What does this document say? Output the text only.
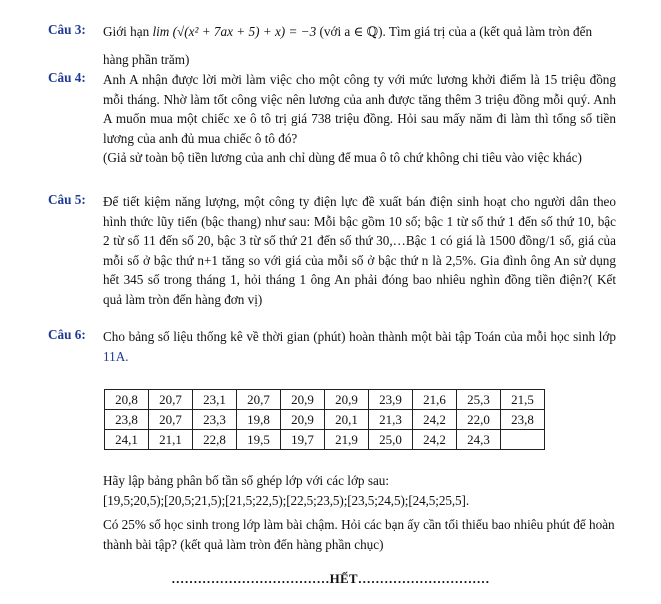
Câu 3: Giới hạn lim (√(x² + 7ax + 5) + x) = −3 (với a ∈ ℚ). Tìm giá trị của a (kết quả làm tròn đến

hàng phần trăm)

Câu 4: Anh A nhận được lời mời làm việc cho một công ty với mức lương khởi điểm là 15 triệu đồng mỗi tháng. Nhờ làm tốt công việc nên lương của anh được tăng thêm 3 triệu đồng mỗi quý. Anh A muốn mua một chiếc xe ô tô trị giá 738 triệu đồng. Hỏi sau mấy năm đi làm thì tổng số tiền lương của anh đủ mua chiếc ô tô đó?

(Giả sử toàn bộ tiền lương của anh chỉ dùng để mua ô tô chứ không chi tiêu vào việc khác)

Câu 5: Để tiết kiệm năng lượng, một công ty điện lực đề xuất bán điện sinh hoạt cho người dân theo hình thức lũy tiến (bậc thang) như sau: Mỗi bậc gồm 10 số; bậc 1 từ số thứ 1 đến số thứ 10, bậc 2 từ số 11 đến số 20, bậc 3 từ số thứ 21 đến số thứ 30,…Bậc 1 có giá là 1500 đồng/1 số, giá của mỗi số ở bậc thứ n+1 tăng so với giá của mỗi số ở bậc thứ n là 2,5%. Gia đình ông An sử dụng hết 345 số trong tháng 1, hỏi tháng 1 ông An phải đóng bao nhiêu nghìn đồng tiền điện?( Kết quả làm tròn đến hàng đơn vị)

Câu 6: Cho bảng số liệu thống kê về thời gian (phút) hoàn thành một bài tập Toán của mỗi học sinh lớp 11A.

20,8	20,7	23,1	20,7	20,9	20,9	23,9	21,6	25,3	21,5
23,8	20,7	23,3	19,8	20,9	20,1	21,3	24,2	22,0	23,8
24,1	21,1	22,8	19,5	19,7	21,9	25,0	24,2	24,3	
Hãy lập bảng phân bố tần số ghép lớp với các lớp sau:
[19,5;20,5);[20,5;21,5);[21,5;22,5);[22,5;23,5);[23,5;24,5);[24,5;25,5].
Có 25% số học sinh trong lớp làm bài chậm. Hỏi các bạn ấy cần tối thiểu bao nhiêu phút để hoàn thành bài tập? (kết quả làm tròn đến hàng phần chục)
………………………………HẾT…………………………
